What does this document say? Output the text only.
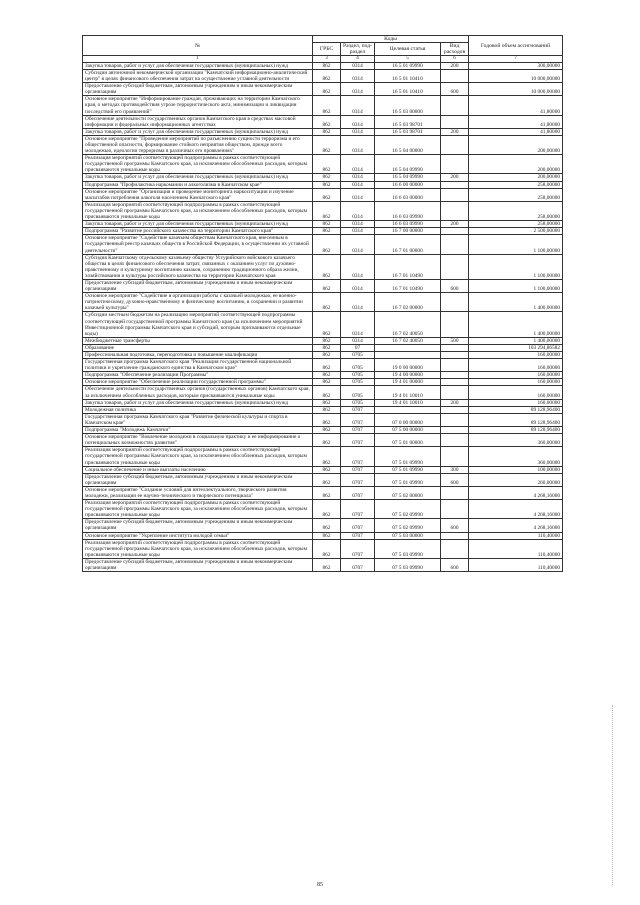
№	Коды				Годовой объем ассигнований
	ГРБС	Раздел, под-раздел	Целевая статья	Вид расходов	
1	3	4	5	6	7
Закупка товаров, работ и услуг для обеспечения государственных (муниципальных) нужд	862	0314	16 5 01 09990	200	300,00000
Субсидии автономной некоммерческой организации "Камчатский информационно-аналитический центр" в целях финансового обеспечения затрат на осуществление уставной деятельности	862	0314	16 5 01 10410		10 000,00000
Предоставление субсидий бюджетным, автономным учреждениям и иным некоммерческим организациям	862	0314	16 5 01 10410	600	10 000,00000
Основное мероприятие "Информирование граждан, проживающих на территории Камчатского края, о методах противодействия угрозе террористического акта, минимизации и ликвидации последствий его проявлений"	862	0314	16 5 03 00000		41,80000
Обеспечение деятельности государственных органов Камчатского края в средствах массовой информации и федеральных информационных агентствах	862	0314	16 5 03 98701		41,80000
Закупка товаров, работ и услуг для обеспечения государственных (муниципальных) нужд	862	0314	16 5 03 98701	200	41,80000
Основное мероприятие "Проведение мероприятий по разъяснению сущности терроризма и его общественной опасности, формирование стойкого неприятия обществом, прежде всего молодежью, идеологии терроризма в различных его проявлениях"	862	0314	16 5 04 00000		200,00000
Реализация мероприятий соответствующей подпрограммы в рамках соответствующей государственной программы Камчатского края, за исключением обособленных расходов, которым присваиваются уникальные коды	862	0314	16 5 04 09990		200,00000
Закупка товаров, работ и услуг для обеспечения государственных (муниципальных) нужд	862	0314	16 5 04 09990	200	200,00000
Подпрограмма "Профилактика наркомании и алкоголизма в Камчатском крае"	862	0314	16 6 00 00000		258,00000
Основное мероприятие "Организация и проведение мониторинга наркоситуации и изучение масштабов потребления алкоголя населением Камчатского края"	862	0314	16 6 03 00000		258,00000
Реализация мероприятий соответствующей подпрограммы в рамках соответствующей государственной программы Камчатского края, за исключением обособленных расходов, которым присваиваются уникальные коды	862	0314	16 6 03 09990		258,00000
Закупка товаров, работ и услуг для обеспечения государственных (муниципальных) нужд	862	0314	16 6 03 09990	200	258,00000
Подпрограмма "Развитие российского казачества на территории Камчатского края"	862	0314	16 7 00 00000		2 500,00000
Основное мероприятие "Содействие казачьим обществам Камчатского края, внесенным в государственный реестр казачьих обществ в Российской Федерации, в осуществлении их уставной деятельности"	862	0314	16 7 01 00000		1 100,00000
Субсидия Камчатскому отдельскому казачьему обществу Уссурийского войскового казачьего общества в целях финансового обеспечения затрат, связанных с оказанием услуг по духовно-нравственному и культурному воспитанию казаков, сохранению традиционного образа жизни, хозяйствования и культуры российского казачества на территории Камчатского края	862	0314	16 7 01 10490		1 100,00000
Предоставление субсидий бюджетным, автономным учреждениям и иным некоммерческим организациям	862	0314	16 7 01 10490	600	1 100,00000
Основное мероприятие "Содействие в организации работы с казачьей молодежью, ее военно-патриотическому, духовно-нравственному и физическому воспитанию, в сохранении и развитии казачьей культуры"	862	0314	16 7 02 00000		1 400,00000
Субсидии местным бюджетам на реализацию мероприятий соответствующей подпрограммы соответствующей государственной программы Камчатского края (за исключением мероприятий Инвестиционной программы Камчатского края и субсидий, которым присваиваются отдельные коды)	862	0314	16 7 02 40050		1 400,00000
Межбюджетные трансферты	862	0314	16 7 02 40050	500	1 400,00000
Образование	862	07			103 294,86582
Профессиональная подготовка, переподготовка и повышение квалификации	862	0705			160,00000
Государственная программа Камчатского края "Реализация государственной национальной политики и укрепление гражданского единства в Камчатском крае"	862	0705	19 0 00 00000		160,00000
Подпрограмма "Обеспечение реализации Программы"	862	0705	19 4 00 00000		160,00000
Основное мероприятие "Обеспечение реализации государственной программы"	862	0705	19 4 01 00000		160,00000
Обеспечение деятельности государственных органов (государственных органов) Камчатского края, за исключением обособленных расходов, которым присваиваются уникальные коды	862	0705	19 4 01 10010		160,00000
Закупка товаров, работ и услуг для обеспечения государственных (муниципальных) нужд	862	0705	19 4 01 10010	200	160,00000
Молодежная политика	862	0707			89 128,96400
Государственная программа Камчатского края "Развитие физической культуры и спорта в Камчатском крае"	862	0707	07 0 00 00000		89 128,96400
Подпрограмма "Молодежь Камчатки"	862	0707	07 5 00 00000		89 128,96400
Основное мероприятие "Вовлечение молодежи в социальную практику и ее информирование о потенциальных возможностях развития"	862	0707	07 5 01 00000		360,00000
Реализация мероприятий соответствующей подпрограммы в рамках соответствующей государственной программы Камчатского края, за исключением обособленных расходов, которым присваиваются уникальные коды	862	0707	07 5 01 09990		360,00000
Социальное обеспечение и иные выплаты населению	862	0707	07 5 01 09990	300	100,00000
Предоставление субсидий бюджетным, автономным учреждениям и иным некоммерческим организациям	862	0707	07 5 01 09990	600	260,00000
Основное мероприятие "Создание условий для интеллектуального, творческого развития молодежи, реализации ее научно-технического и творческого потенциала"	862	0707	07 5 02 00000		4 268,16000
Реализация мероприятий соответствующей подпрограммы в рамках соответствующей государственной программы Камчатского края, за исключением обособленных расходов, которым присваиваются уникальные коды	862	0707	07 5 02 09990		4 268,16000
Предоставление субсидий бюджетным, автономным учреждениям и иным некоммерческим организациям	862	0707	07 5 02 09990	600	4 268,16000
Основное мероприятие "Укрепление института молодой семьи"	862	0707	07 5 03 00000		110,40000
Реализация мероприятий соответствующей подпрограммы в рамках соответствующей государственной программы Камчатского края, за исключением обособленных расходов, которым присваиваются уникальные коды	862	0707	07 5 03 09990		110,40000
Предоставление субсидий бюджетным, автономным учреждениям и иным некоммерческим организациям	862	0707	07 5 03 09990	600	110,40000
85
